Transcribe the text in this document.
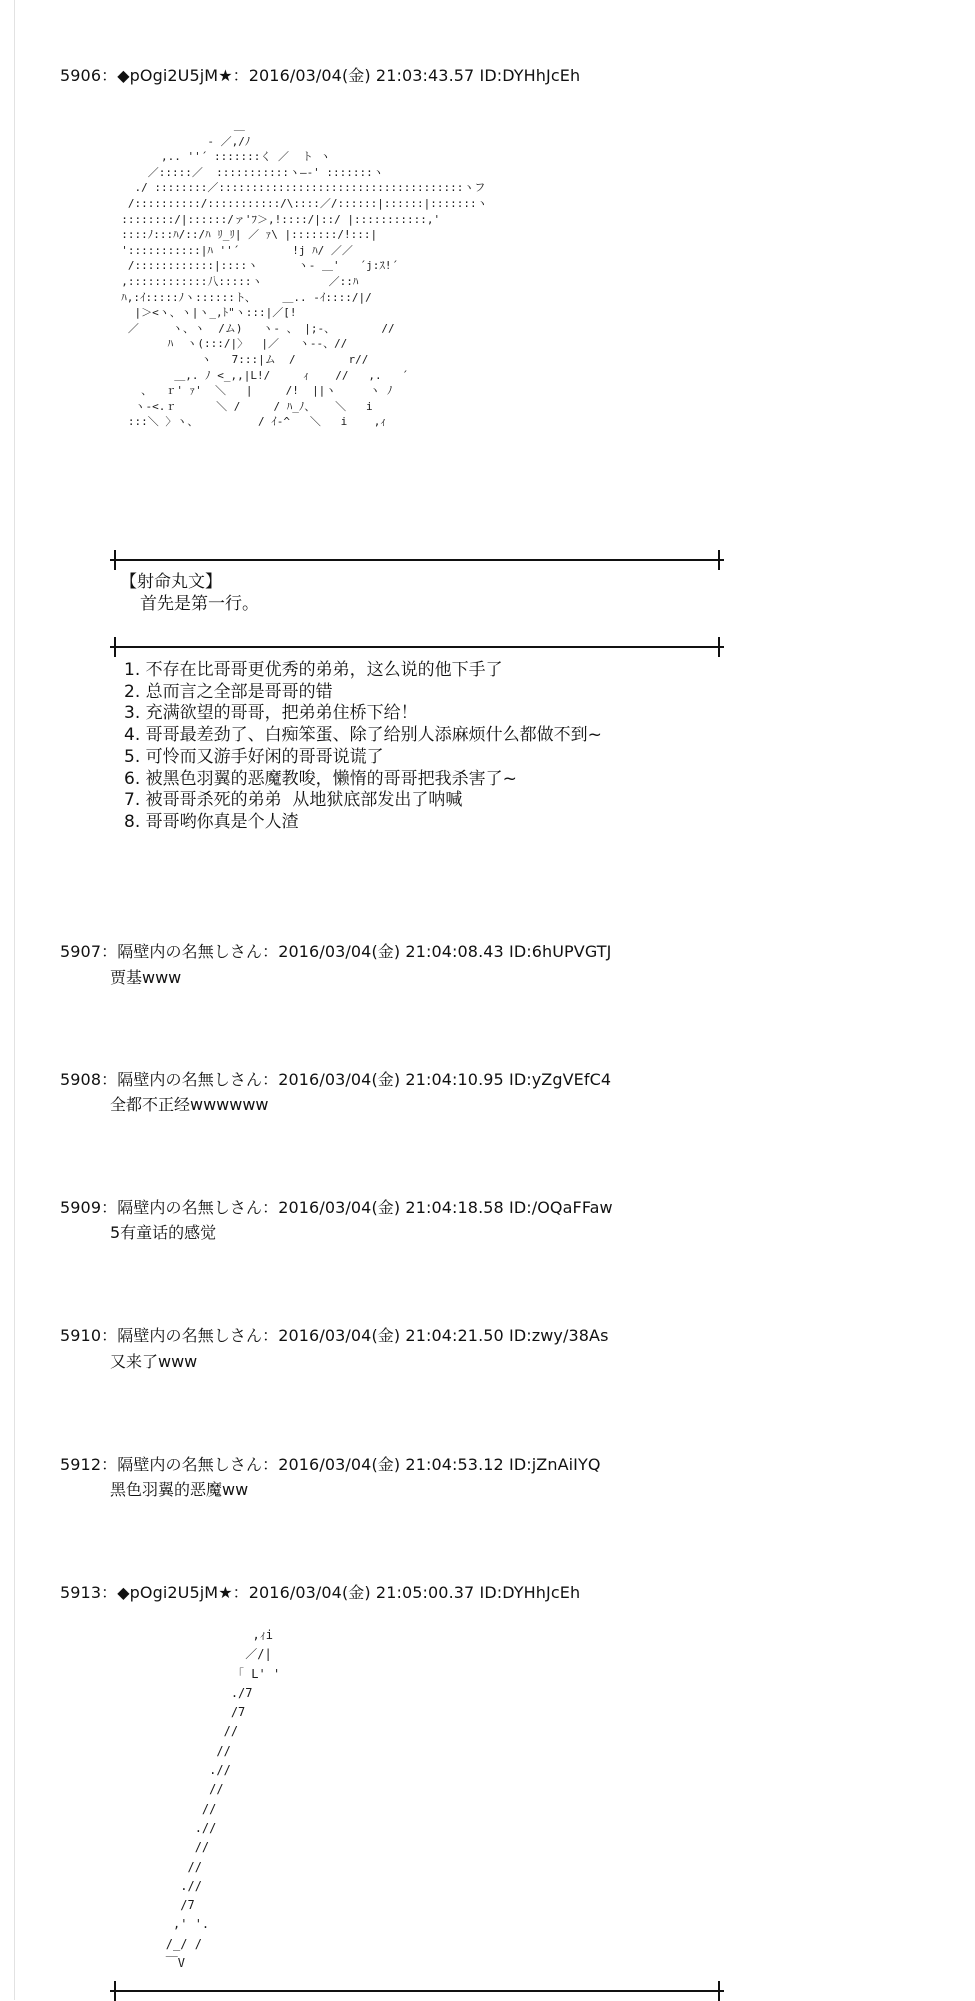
5906：◆pOgi2U5jM★：2016/03/04(金) 21:03:43.57 ID:DYHhJcEh
＿
‐ ／,/ﾉ
,.. ''´ :::::::く ／  ト ヽ
／:::::／  :::::::::::ヽ―-' :::::::ヽ
./ ::::::::／:::::::::::::::::::::::::::::::::::::ヽフ
/::::::::::/:::::::::::/\::::／/::::::|::::::|:::::::ヽ
::::::::/|::::::/ァ'ﾌ＞,!::::/|::/ |:::::::::::,'
::::ﾉ:::ﾊ/::/ﾊ ﾘ_ﾘ| ／ ｧ\ |:::::::/!:::|
':::::::::::|ﾊ ''´        !j ﾊ/ ／／
/::::::::::::|::::ヽ      ヽ- ＿'   ´j:ｽ!´
,::::::::::::八:::::ヽ          ／::ﾊ
ﾊ,:ｲ:::::ﾉヽ::::::ト、    ＿.. -ｲ::::/|/
|＞<ヽ、ヽ|ヽ_,ﾄ"ヽ:::|／[!
／     ヽ、ヽ  /ム)   ヽ- 、 |;-、       //
ﾊ  ヽ(:::/|〉  |／   ヽ--、//
ヽ   7:::|ム  /        r//
＿,. ﾉ <_,,|L!/     ｨ    //   ,.   ´
、  ｒ' ｧ'  ＼   |     /!  ||ヽ     ヽ ﾉ
ヽ-<.ｒ      ＼ /     / ﾊ_ﾉ、   ＼   i
:::＼ 〉ヽ、         / ｲ-^   ＼   i    ,ｨ
【射命丸文】
首先是第一行。
1. 不存在比哥哥更优秀的弟弟，这么说的他下手了
2. 总而言之全部是哥哥的错
3. 充满欲望的哥哥，把弟弟住桥下给！
4. 哥哥最差劲了、白痴笨蛋、除了给别人添麻烦什么都做不到~
5. 可怜而又游手好闲的哥哥说谎了
6. 被黑色羽翼的恶魔教唆，懒惰的哥哥把我杀害了~
7. 被哥哥杀死的弟弟  从地狱底部发出了呐喊
8. 哥哥哟你真是个人渣
5907：隔壁内の名無しさん：2016/03/04(金) 21:04:08.43 ID:6hUPVGTJ
贾基www
5908：隔壁内の名無しさん：2016/03/04(金) 21:04:10.95 ID:yZgVEfC4
全都不正经wwwwww
5909：隔壁内の名無しさん：2016/03/04(金) 21:04:18.58 ID:/OQaFFaw
5有童话的感觉
5910：隔壁内の名無しさん：2016/03/04(金) 21:04:21.50 ID:zwy/38As
又来了www
5912：隔壁内の名無しさん：2016/03/04(金) 21:04:53.12 ID:jZnAiIYQ
黑色羽翼的恶魔ww
5913：◆pOgi2U5jM★：2016/03/04(金) 21:05:00.37 ID:DYHhJcEh
,ｨi
／/|
｢ L' '
./7
/7
//
//
.//
//
//
.//
//
//
.//
/7
,' '.
/_/ /
￣V
